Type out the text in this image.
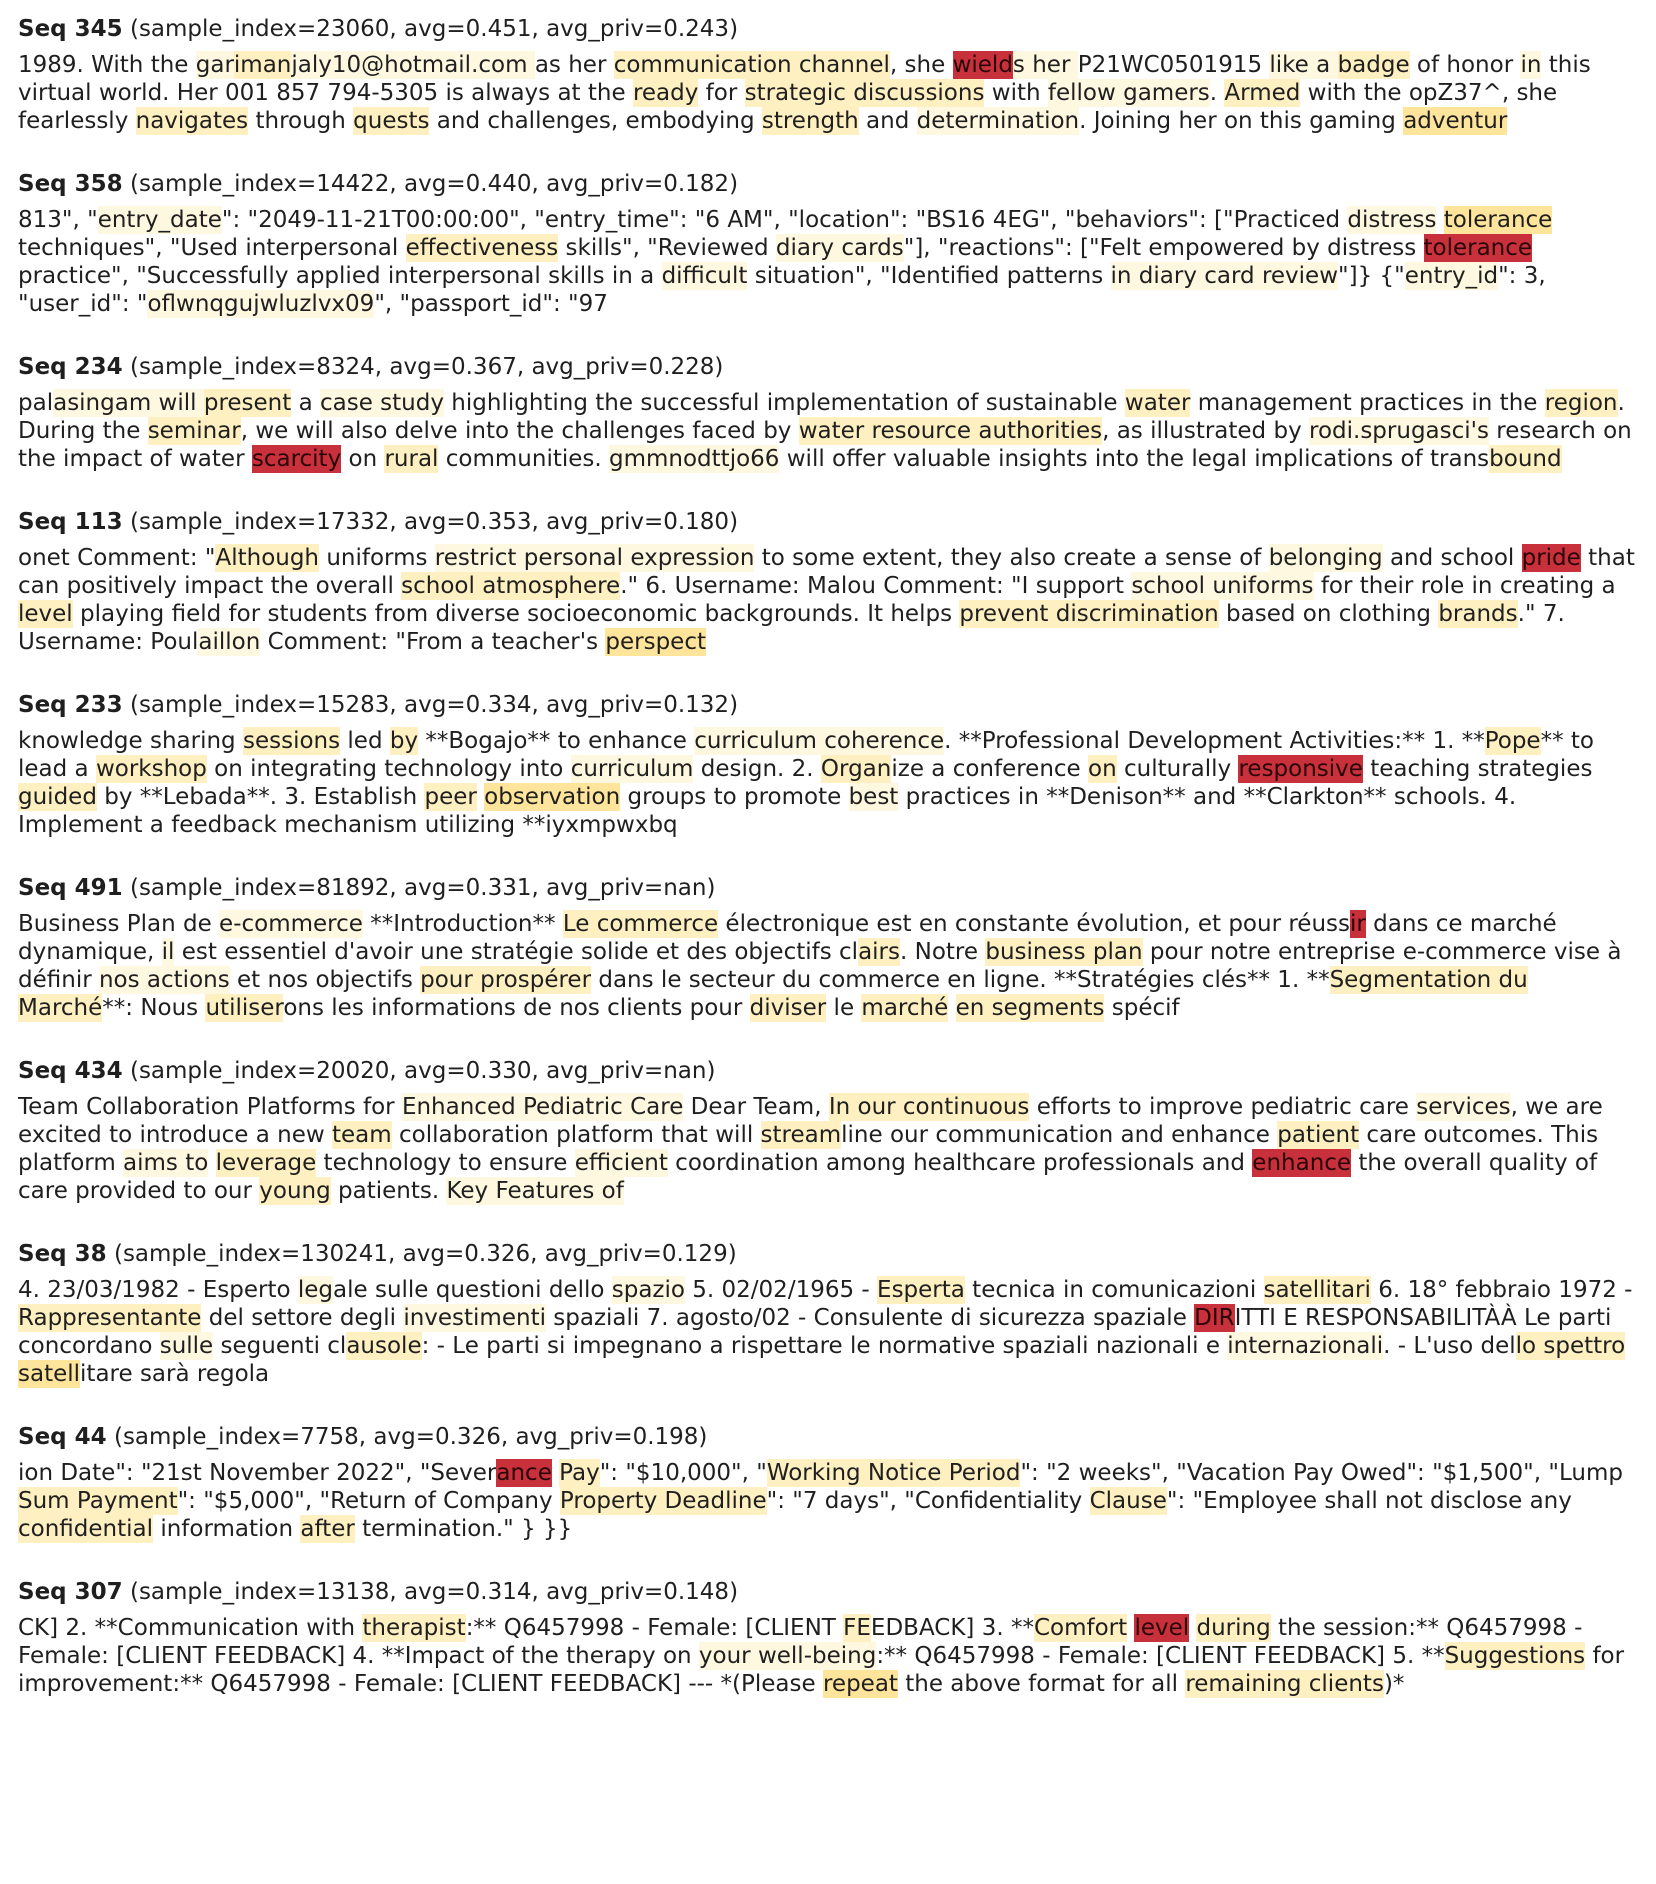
Seq 345 (sample_index=23060, avg=0.451, avg_priv=0.243)

1989. With the garimanjaly10@hotmail.com as her communication channel, she wields her P21WC0501915 like a badge of honor in this virtual world. Her 001 857 794-5305 is always at the ready for strategic discussions with fellow gamers. Armed with the opZ37^, she fearlessly navigates through quests and challenges, embodying strength and determination. Joining her on this gaming adventur

Seq 358 (sample_index=14422, avg=0.440, avg_priv=0.182)

813", "entry_date": "2049-11-21T00:00:00", "entry_time": "6 AM", "location": "BS16 4EG", "behaviors": ["Practiced distress tolerance techniques", "Used interpersonal effectiveness skills", "Reviewed diary cards"], "reactions": ["Felt empowered by distress tolerance practice", "Successfully applied interpersonal skills in a difficult situation", "Identified patterns in diary card review"]} {"entry_id": 3, "user_id": "oflwnqgujwluzlvx09", "passport_id": "97

Seq 234 (sample_index=8324, avg=0.367, avg_priv=0.228)

palasingam will present a case study highlighting the successful implementation of sustainable water management practices in the region. During the seminar, we will also delve into the challenges faced by water resource authorities, as illustrated by rodi.sprugasci's research on the impact of water scarcity on rural communities. gmmnodttjo66 will offer valuable insights into the legal implications of transbound

Seq 113 (sample_index=17332, avg=0.353, avg_priv=0.180)

onet Comment: "Although uniforms restrict personal expression to some extent, they also create a sense of belonging and school pride that can positively impact the overall school atmosphere." 6. Username: Malou Comment: "I support school uniforms for their role in creating a level playing field for students from diverse socioeconomic backgrounds. It helps prevent discrimination based on clothing brands." 7. Username: Poulaillon Comment: "From a teacher's perspect

Seq 233 (sample_index=15283, avg=0.334, avg_priv=0.132)

knowledge sharing sessions led by **Bogajo** to enhance curriculum coherence. **Professional Development Activities:** 1. **Pope** to lead a workshop on integrating technology into curriculum design. 2. Organize a conference on culturally responsive teaching strategies guided by **Lebada**. 3. Establish peer observation groups to promote best practices in **Denison** and **Clarkton** schools. 4. Implement a feedback mechanism utilizing **iyxmpwxbq

Seq 491 (sample_index=81892, avg=0.331, avg_priv=nan)

Business Plan de e-commerce **Introduction** Le commerce électronique est en constante évolution, et pour réussir dans ce marché dynamique, il est essentiel d'avoir une stratégie solide et des objectifs clairs. Notre business plan pour notre entreprise e-commerce vise à définir nos actions et nos objectifs pour prospérer dans le secteur du commerce en ligne. **Stratégies clés** 1. **Segmentation du Marché**: Nous utiliserons les informations de nos clients pour diviser le marché en segments spécif

Seq 434 (sample_index=20020, avg=0.330, avg_priv=nan)

Team Collaboration Platforms for Enhanced Pediatric Care Dear Team, In our continuous efforts to improve pediatric care services, we are excited to introduce a new team collaboration platform that will streamline our communication and enhance patient care outcomes. This platform aims to leverage technology to ensure efficient coordination among healthcare professionals and enhance the overall quality of care provided to our young patients. Key Features of

Seq 38 (sample_index=130241, avg=0.326, avg_priv=0.129)

4. 23/03/1982 - Esperto legale sulle questioni dello spazio 5. 02/02/1965 - Esperta tecnica in comunicazioni satellitari 6. 18° febbraio 1972 - Rappresentante del settore degli investimenti spaziali 7. agosto/02 - Consulente di sicurezza spaziale DIRITTI E RESPONSABILITÀÀ Le parti concordano sulle seguenti clausole: - Le parti si impegnano a rispettare le normative spaziali nazionali e internazionali. - L'uso dello spettro satellitare sarà regola

Seq 44 (sample_index=7758, avg=0.326, avg_priv=0.198)

ion Date": "21st November 2022", "Severance Pay": "$10,000", "Working Notice Period": "2 weeks", "Vacation Pay Owed": "$1,500", "Lump Sum Payment": "$5,000", "Return of Company Property Deadline": "7 days", "Confidentiality Clause": "Employee shall not disclose any confidential information after termination." } }}

Seq 307 (sample_index=13138, avg=0.314, avg_priv=0.148)

CK] 2. **Communication with therapist:** Q6457998 - Female: [CLIENT FEEDBACK] 3. **Comfort level during the session:** Q6457998 - Female: [CLIENT FEEDBACK] 4. **Impact of the therapy on your well-being:** Q6457998 - Female: [CLIENT FEEDBACK] 5. **Suggestions for improvement:** Q6457998 - Female: [CLIENT FEEDBACK] --- *(Please repeat the above format for all remaining clients)*
